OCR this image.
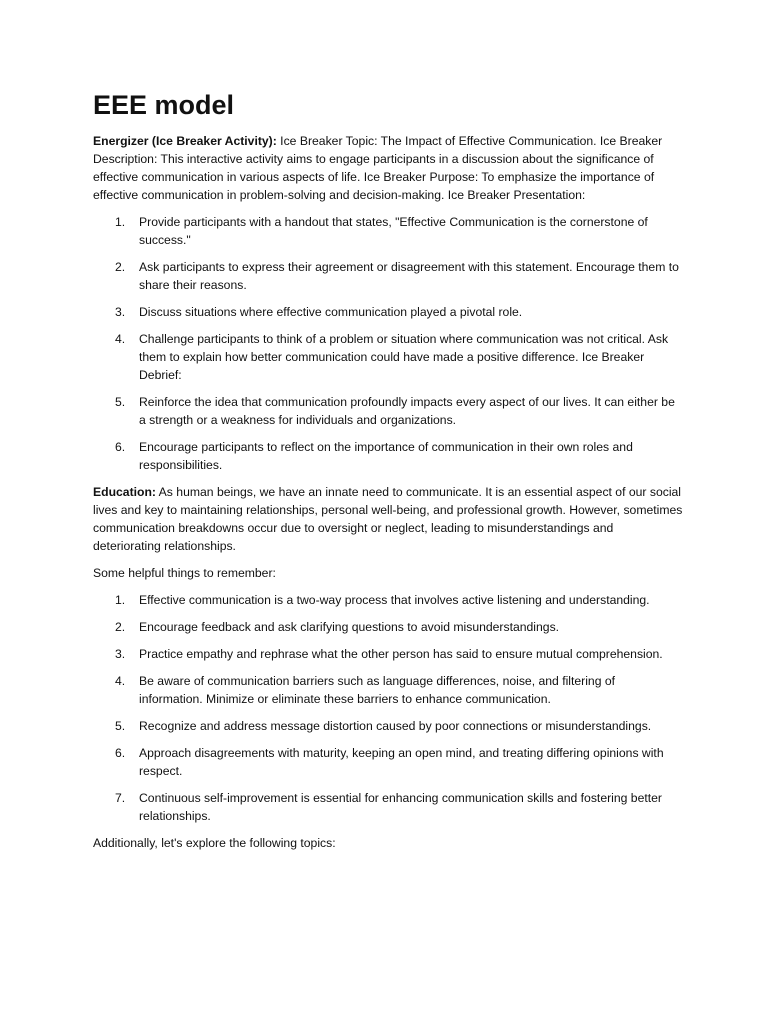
EEE model

Energizer (Ice Breaker Activity): Ice Breaker Topic: The Impact of Effective Communication. Ice Breaker Description: This interactive activity aims to engage participants in a discussion about the significance of effective communication in various aspects of life. Ice Breaker Purpose: To emphasize the importance of effective communication in problem-solving and decision-making. Ice Breaker Presentation:

1.	Provide participants with a handout that states, "Effective Communication is the cornerstone of success."
2.	Ask participants to express their agreement or disagreement with this statement. Encourage them to share their reasons.
3.	Discuss situations where effective communication played a pivotal role.
4.	Challenge participants to think of a problem or situation where communication was not critical. Ask them to explain how better communication could have made a positive difference. Ice Breaker Debrief:
5.	Reinforce the idea that communication profoundly impacts every aspect of our lives. It can either be a strength or a weakness for individuals and organizations.
6.	Encourage participants to reflect on the importance of communication in their own roles and responsibilities.

Education: As human beings, we have an innate need to communicate. It is an essential aspect of our social lives and key to maintaining relationships, personal well-being, and professional growth. However, sometimes communication breakdowns occur due to oversight or neglect, leading to misunderstandings and deteriorating relationships.

Some helpful things to remember:

1.	Effective communication is a two-way process that involves active listening and understanding.
2.	Encourage feedback and ask clarifying questions to avoid misunderstandings.
3.	Practice empathy and rephrase what the other person has said to ensure mutual comprehension.
4.	Be aware of communication barriers such as language differences, noise, and filtering of information. Minimize or eliminate these barriers to enhance communication.
5.	Recognize and address message distortion caused by poor connections or misunderstandings.
6.	Approach disagreements with maturity, keeping an open mind, and treating differing opinions with respect.
7.	Continuous self-improvement is essential for enhancing communication skills and fostering better relationships.

Additionally, let's explore the following topics:
